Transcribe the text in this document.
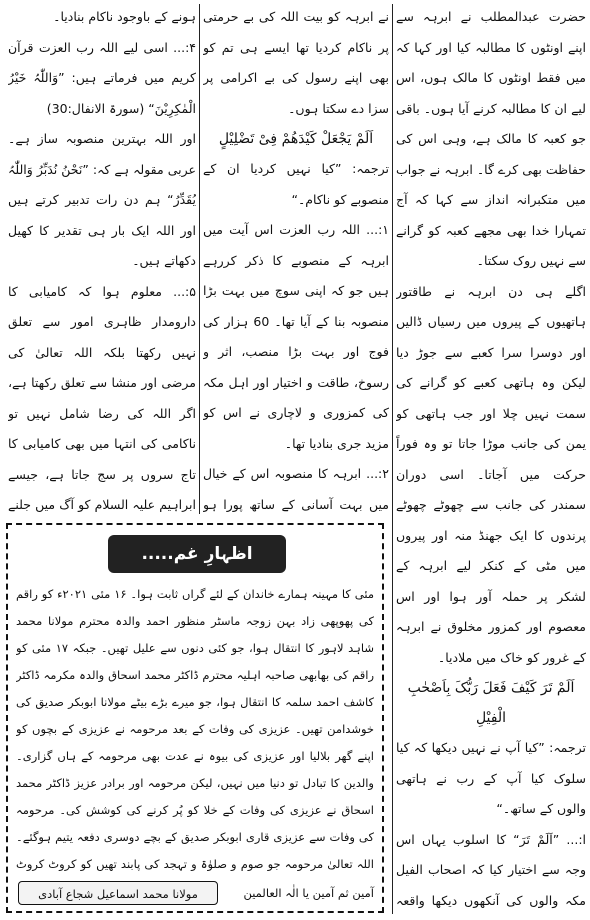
حضرت عبدالمطلب نے ابرہہ سے اپنے اونٹوں کا مطالبہ کیا اور کہا کہ میں فقط اونٹوں کا مالک ہوں، اس لیے ان کا مطالبہ کرنے آیا ہوں۔ باقی جو کعبہ کا مالک ہے، وہی اس کی حفاظت بھی کرے گا۔ ابرہہ نے جواب میں متکبرانہ انداز سے کہا کہ آج تمہارا خدا بھی مجھے کعبہ کو گرانے سے نہیں روک سکتا۔

اگلے ہی دن ابرہہ نے طاقتور ہاتھیوں کے پیروں میں رسیاں ڈالیں اور دوسرا سرا کعبے سے جوڑ دیا لیکن وہ ہاتھی کعبے کو گرانے کی سمت نہیں چلا اور جب ہاتھی کو یمن کی جانب موڑا جاتا تو وہ فوراً حرکت میں آجاتا۔ اسی دوران سمندر کی جانب سے چھوٹے چھوٹے پرندوں کا ایک جھنڈ منہ اور پیروں میں مٹی کے کنکر لیے ابرہہ کے لشکر پر حملہ آور ہوا اور اس معصوم اور کمزور مخلوق نے ابرہہ کے غرور کو خاک میں ملادیا۔

اَلَمْ تَرَ کَیْفَ فَعَلَ رَبُّکَ بِاَصْحٰبِ الْفِیْلِ

ترجمہ: ”کیا آپ نے نہیں دیکھا کہ کیا سلوک کیا آپ کے رب نے ہاتھی والوں کے ساتھ۔“

ا:... ”اَلَمْ تَرَ“ کا اسلوب یہاں اس وجہ سے اختیار کیا کہ اصحاب الفیل مکہ والوں کی آنکھوں دیکھا واقعہ

نے ابرہہ کو بیت اللہ کی بے حرمتی پر ناکام کردیا تھا ایسے ہی تم کو بھی اپنے رسول کی بے اکرامی پر سزا دے سکتا ہوں۔

اَلَمْ یَجْعَلْ کَیْدَھُمْ فِیْ تَضْلِیْلٍ

ترجمہ: ”کیا نہیں کردیا ان کے منصوبے کو ناکام۔“

۱:... اللہ رب العزت اس آیت میں ابرہہ کے منصوبے کا ذکر کررہے ہیں جو کہ اپنی سوچ میں بہت بڑا منصوبہ بنا کے آیا تھا۔ 60 ہزار کی فوج اور بہت بڑا منصب، اثر و رسوخ، طاقت و اختیار اور اہل مکہ کی کمزوری و لاچاری نے اس کو مزید جری بنادیا تھا۔

۲:... ابرہہ کا منصوبہ اس کے خیال میں بہت آسانی کے ساتھ پورا ہو

ہونے کے باوجود ناکام بنادیا۔

۴:... اسی لیے اللہ رب العزت قرآن کریم میں فرماتے ہیں: ”وَاللّٰہُ خَیْرُ الْمٰکِرِیْنَ“ (سورۃ الانفال:30)

اور اللہ بہترین منصوبہ ساز ہے۔ عربی مقولہ ہے کہ: ”نَحْنُ نُدَبِّرُ وَاللّٰہُ یُقَدِّرُ“ ہم دن رات تدبیر کرتے ہیں اور اللہ ایک بار ہی تقدیر کا کھیل دکھاتے ہیں۔

۵:... معلوم ہوا کہ کامیابی کا دارومدار ظاہری امور سے تعلق نہیں رکھتا بلکہ اللہ تعالیٰ کی مرضی اور منشا سے تعلق رکھتا ہے، اگر اللہ کی رضا شامل نہیں تو ناکامی کی انتہا میں بھی کامیابی کا تاج سروں پر سج جاتا ہے، جیسے ابراہیم علیہ السلام کو آگ میں جلنے

اظہارِ غم.....
مئی کا مہینہ ہمارے خاندان کے لئے گراں ثابت ہوا۔ ۱۶ مئی ۲۰۲۱ء کو راقم کی پھوپھی زاد بہن زوجہ ماسٹر منظور احمد والدہ محترم مولانا محمد شاہد لاہور کا انتقال ہوا، جو کئی دنوں سے علیل تھیں۔ جبکہ ۱۷ مئی کو راقم کی بھابھی صاحبہ اہلیہ محترم ڈاکٹر محمد اسحاق والدہ مکرمہ ڈاکٹر کاشف احمد سلمہ کا انتقال ہوا، جو میرے بڑے بیٹے مولانا ابوبکر صدیق کی خوشدامن تھیں۔ عزیزی کی وفات کے بعد مرحومہ نے عزیزی کے بچوں کو اپنے گھر بلالیا اور عزیزی کی بیوہ نے عدت بھی مرحومہ کے ہاں گزاری۔ والدین کا تبادل تو دنیا میں نہیں، لیکن مرحومہ اور برادر عزیز ڈاکٹر محمد اسحاق نے عزیزی کی وفات کے خلا کو پُر کرنے کی کوشش کی۔ مرحومہ کی وفات سے عزیزی قاری ابوبکر صدیق کے بچے دوسری دفعہ یتیم ہوگئے۔ اللہ تعالیٰ مرحومہ جو صوم و صلوٰۃ و تہجد کی پابند تھیں کو کروٹ کروٹ
آمین ثم آمین یا الٰہ العالمین
مولانا محمد اسماعیل شجاع آبادی
